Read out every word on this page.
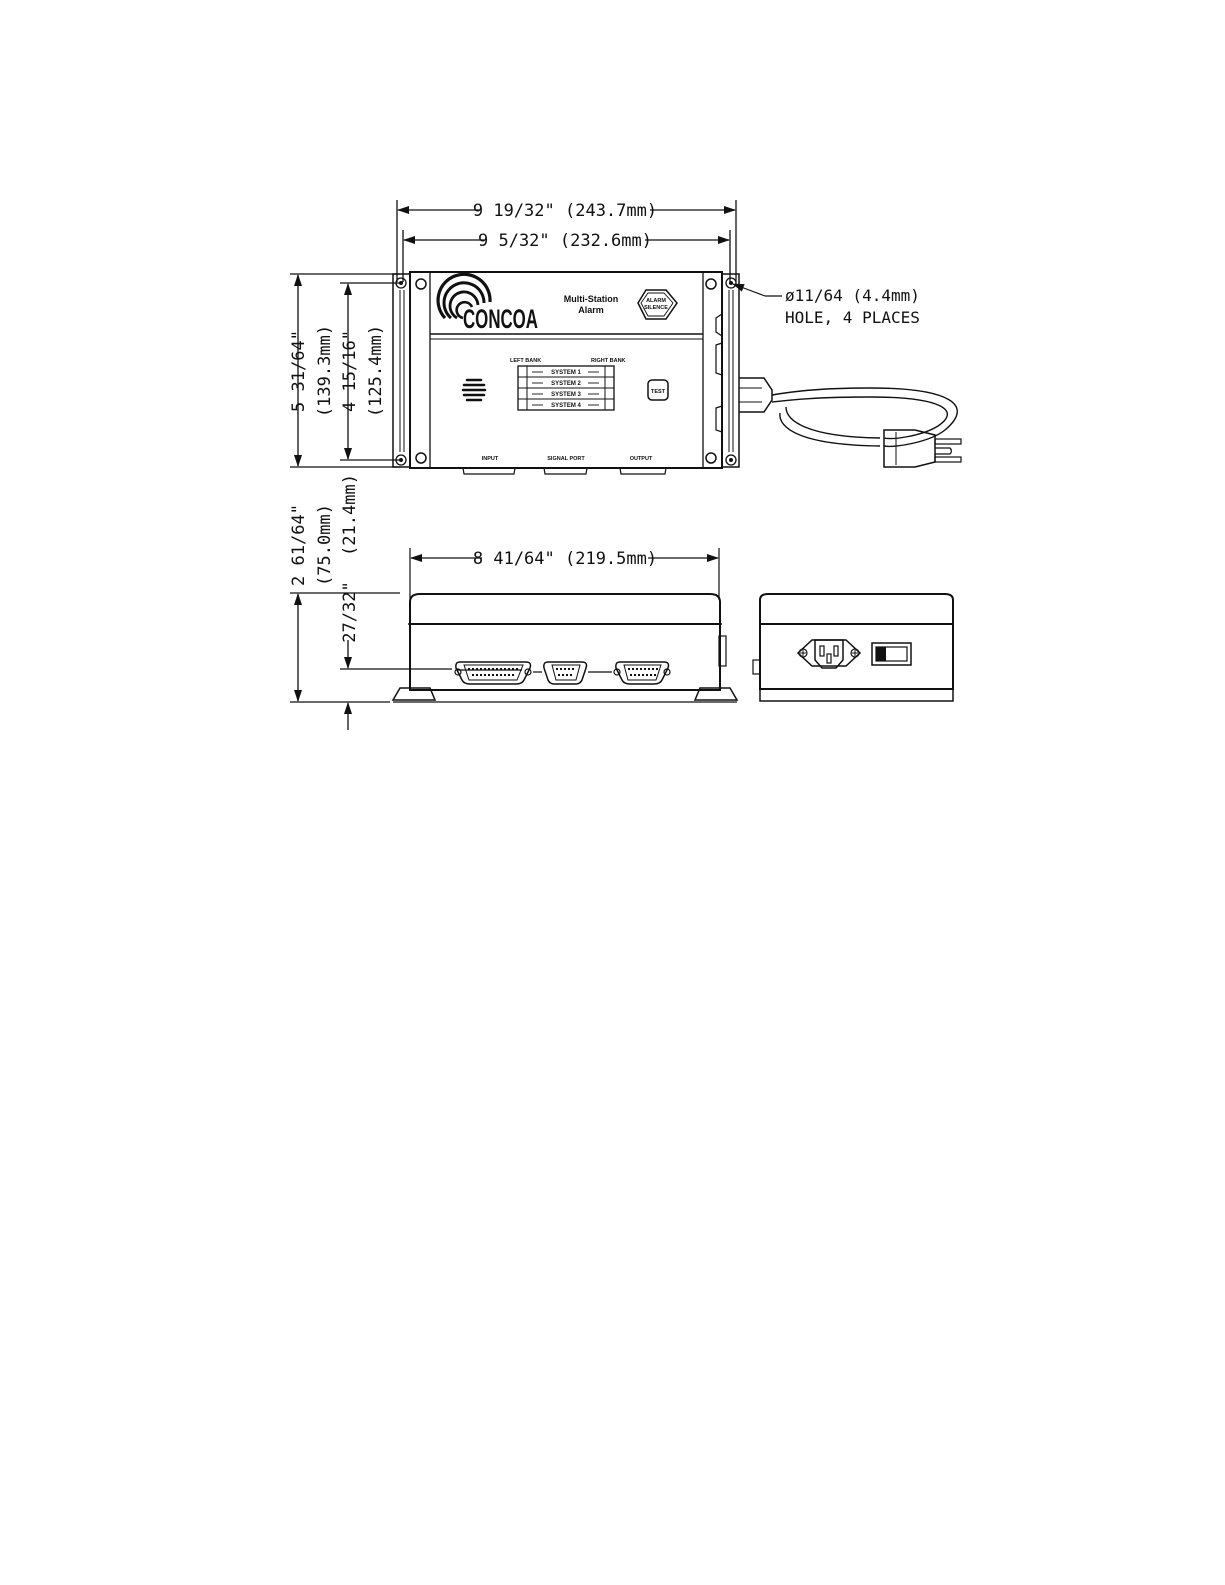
9 19/32" (243.7mm)
9 5/32" (232.6mm)
5 31/64" (139.3mm) 4 15/16" (125.4mm)
CONCOA
Multi-Station
Alarm
ALARM
SILENCE
LEFT BANK	RIGHT BANK
SYSTEM 1
SYSTEM 2
SYSTEM 3
SYSTEM 4
TEST
INPUT	SIGNAL PORT	OUTPUT
ø11/64 (4.4mm)
HOLE, 4 PLACES
8 41/64" (219.5mm)
2 61/64" (75.0mm)
27/32"
(21.4mm)
